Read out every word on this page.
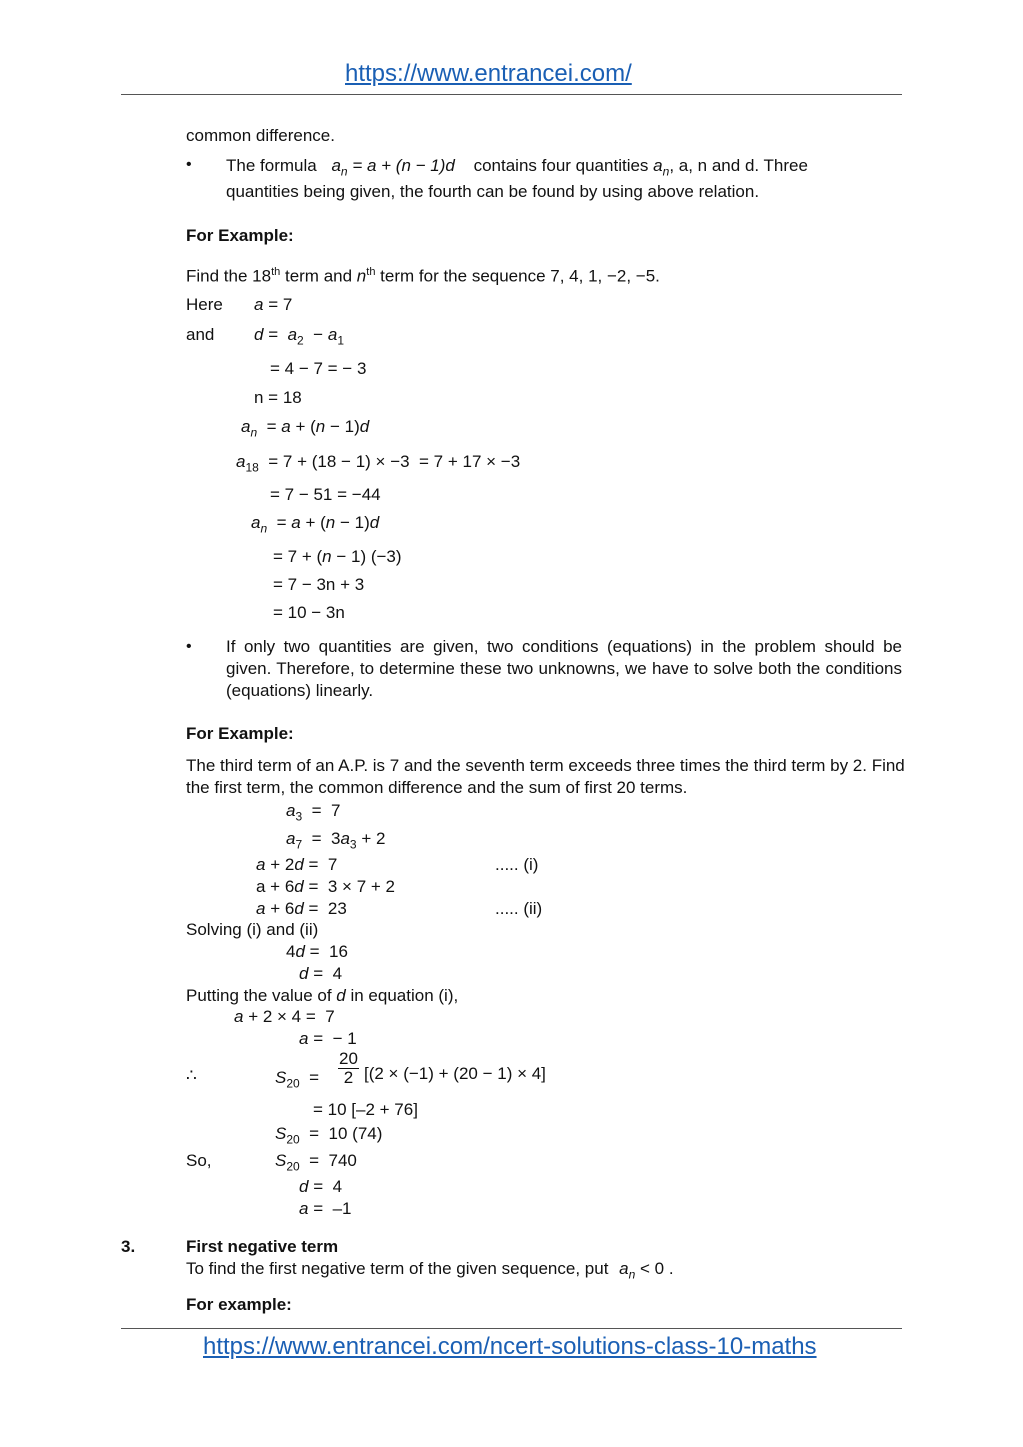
https://www.entrancei.com/
common difference.
• The formula $a_n = a + (n - 1)d$ contains four quantities $a_n$, a, n and d. Three
quantities being given, the fourth can be found by using above relation.
For Example:
Find the 18th term and $n^{th}$ term for the sequence 7, 4, 1, −2, −5.
Here a = 7
and $d = a_2 - a_1$
= 4 − 7 = − 3
n = 18
$a_n = a + (n - 1)d$
$a_{18} = 7 + (18 - 1) \times -3 = 7 + 17 \times -3$
= 7 − 51 = −44
$a_n = a + (n - 1)d$
= 7 + (n − 1) (−3)
= 7 − 3n + 3
= 10 − 3n
• If only two quantities are given, two conditions (equations) in the problem should be given. Therefore, to determine these two unknowns, we have to solve both the conditions (equations) linearly.
For Example:
The third term of an A.P. is 7 and the seventh term exceeds three times the third term by 2. Find the first term, the common difference and the sum of first 20 terms.
$a_3 = 7$
$a_7 = 3a_3 + 2$
a + 2d =  7	..... (i)
a + 6d =  3 × 7 + 2
a + 6d =  23	..... (ii)
Solving (i) and (ii)
4d =  16
d =  4
Putting the value of d in equation (i),
a + 2 × 4 =  7
a =  − 1
∴	$S_{20} = \frac{20}{2} [(2 \times (-1) + (20 - 1) \times 4]$
= 10 [–2 + 76]
$S_{20} = 10$ (74)
So,	$S_{20} = 740$
d =  4
a =  –1
3.	First negative term
To find the first negative term of the given sequence, put $a_n < 0$ .
For example:
https://www.entrancei.com/ncert-solutions-class-10-maths
